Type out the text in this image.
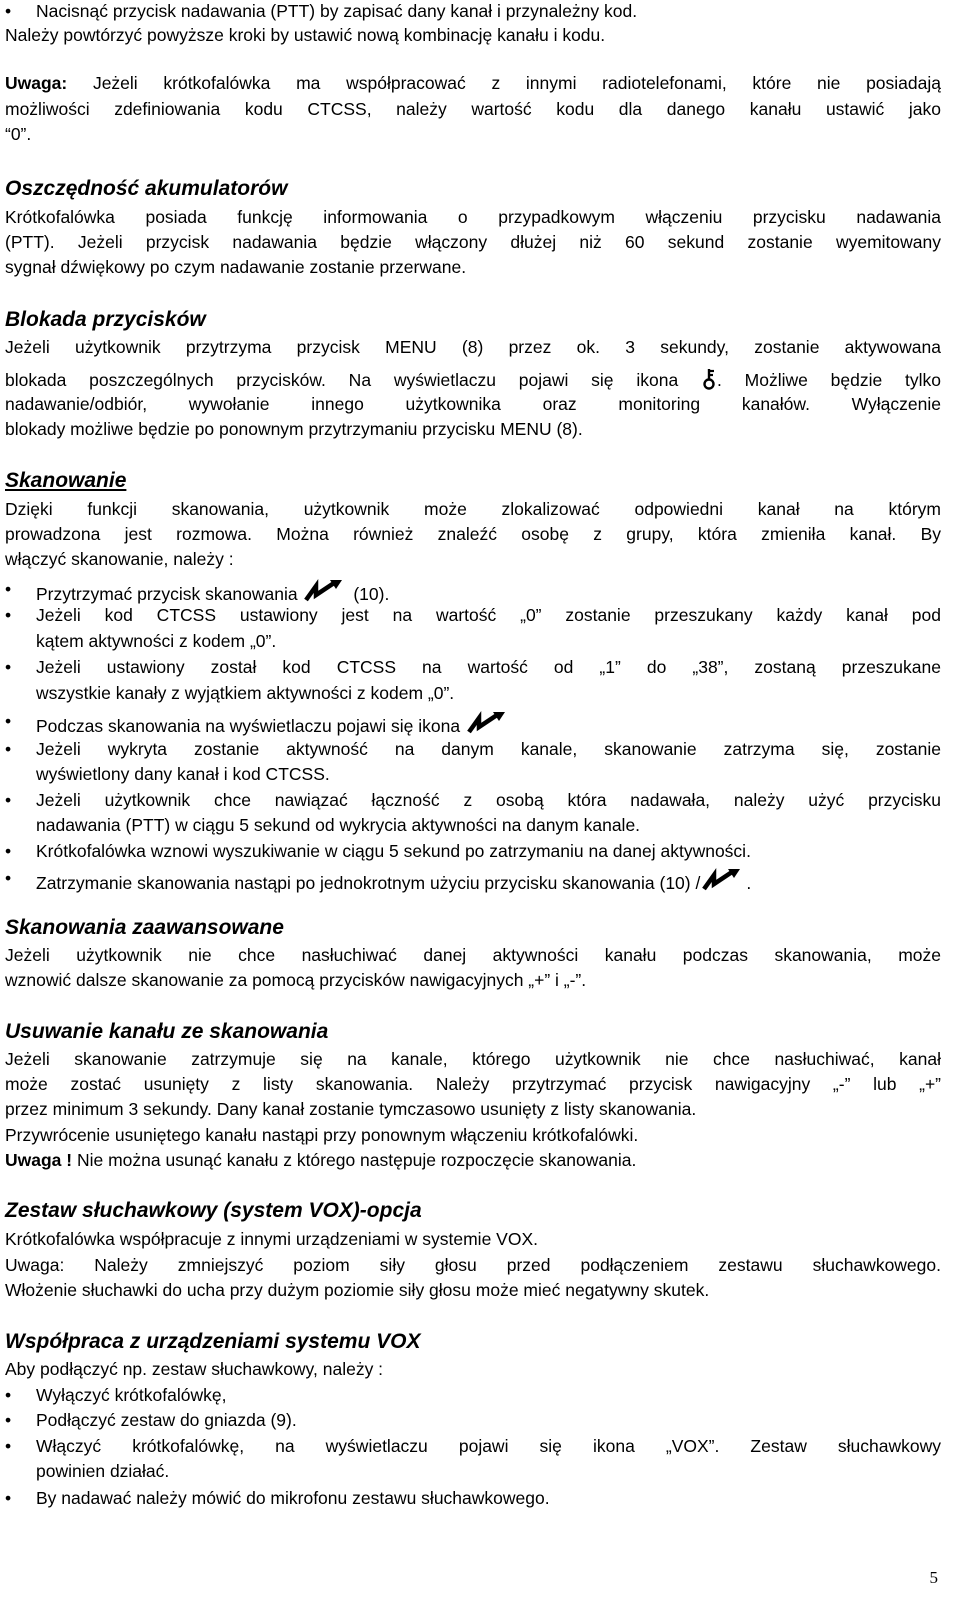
• Nacisnąć przycisk nadawania (PTT) by zapisać dany kanał i przynależny kod.
Należy powtórzyć powyższe kroki by ustawić nową kombinację kanału i kodu.
Uwaga: Jeżeli krótkofalówka ma współpracować z innymi radiotelefonami, które nie posiadają
możliwości zdefiniowania kodu CTCSS, należy wartość kodu dla danego kanału ustawić jako
“0”.
Oszczędność akumulatorów
Krótkofalówka posiada funkcję informowania o przypadkowym włączeniu przycisku nadawania
(PTT). Jeżeli przycisk nadawania będzie włączony dłużej niż 60 sekund zostanie wyemitowany
sygnał dźwiękowy po czym nadawanie zostanie przerwane.
Blokada przycisków
Jeżeli użytkownik przytrzyma przycisk MENU (8) przez ok. 3 sekundy, zostanie aktywowana
blokada poszczególnych przycisków. Na wyświetlaczu pojawi się ikona . Możliwe będzie tylko
nadawanie/odbiór, wywołanie innego użytkownika oraz monitoring kanałów. Wyłączenie
blokady możliwe będzie po ponownym przytrzymaniu przycisku MENU (8).
Skanowanie
Dzięki funkcji skanowania, użytkownik może zlokalizować odpowiedni kanał na którym
prowadzona jest rozmowa. Można również znaleźć osobę z grupy, która zmieniła kanał. By
włączyć skanowanie, należy :
• Przytrzymać przycisk skanowania	(10).
• Jeżeli kod CTCSS ustawiony jest na wartość „0” zostanie przeszukany każdy kanał pod
kątem aktywności z kodem „0”.
• Jeżeli ustawiony został kod CTCSS na wartość od „1” do „38”, zostaną przeszukane
wszystkie kanały z wyjątkiem aktywności z kodem „0”.
• Podczas skanowania na wyświetlaczu pojawi się ikona
• Jeżeli wykryta zostanie aktywność na danym kanale, skanowanie zatrzyma się, zostanie
wyświetlony dany kanał i kod CTCSS.
• Jeżeli użytkownik chce nawiązać łączność z osobą która nadawała, należy użyć przycisku
nadawania (PTT) w ciągu 5 sekund od wykrycia aktywności na danym kanale.
• Krótkofalówka wznowi wyszukiwanie w ciągu 5 sekund po zatrzymaniu na danej aktywności.
• Zatrzymanie skanowania nastąpi po jednokrotnym użyciu przycisku skanowania (10) /	.
Skanowania zaawansowane
Jeżeli użytkownik nie chce nasłuchiwać danej aktywności kanału podczas skanowania, może
wznowić dalsze skanowanie za pomocą przycisków nawigacyjnych „+” i „-”.
Usuwanie kanału ze skanowania
Jeżeli skanowanie zatrzymuje się na kanale, którego użytkownik nie chce nasłuchiwać, kanał
może zostać usunięty z listy skanowania. Należy przytrzymać przycisk nawigacyjny „-” lub „+”
przez minimum 3 sekundy. Dany kanał zostanie tymczasowo usunięty z listy skanowania.
Przywrócenie usuniętego kanału nastąpi przy ponownym włączeniu krótkofalówki.
Uwaga ! Nie można usunąć kanału z którego następuje rozpoczęcie skanowania.
Zestaw słuchawkowy (system VOX)-opcja
Krótkofalówka współpracuje z innymi urządzeniami w systemie VOX.
Uwaga: Należy zmniejszyć poziom siły głosu przed podłączeniem zestawu słuchawkowego.
Włożenie słuchawki do ucha przy dużym poziomie siły głosu może mieć negatywny skutek.
Współpraca z urządzeniami systemu VOX
Aby podłączyć np. zestaw słuchawkowy, należy :
• Wyłączyć krótkofalówkę,
• Podłączyć zestaw do gniazda (9).
• Włączyć krótkofalówkę, na wyświetlaczu pojawi się ikona „VOX”. Zestaw słuchawkowy
powinien działać.
• By nadawać należy mówić do mikrofonu zestawu słuchawkowego.
5
